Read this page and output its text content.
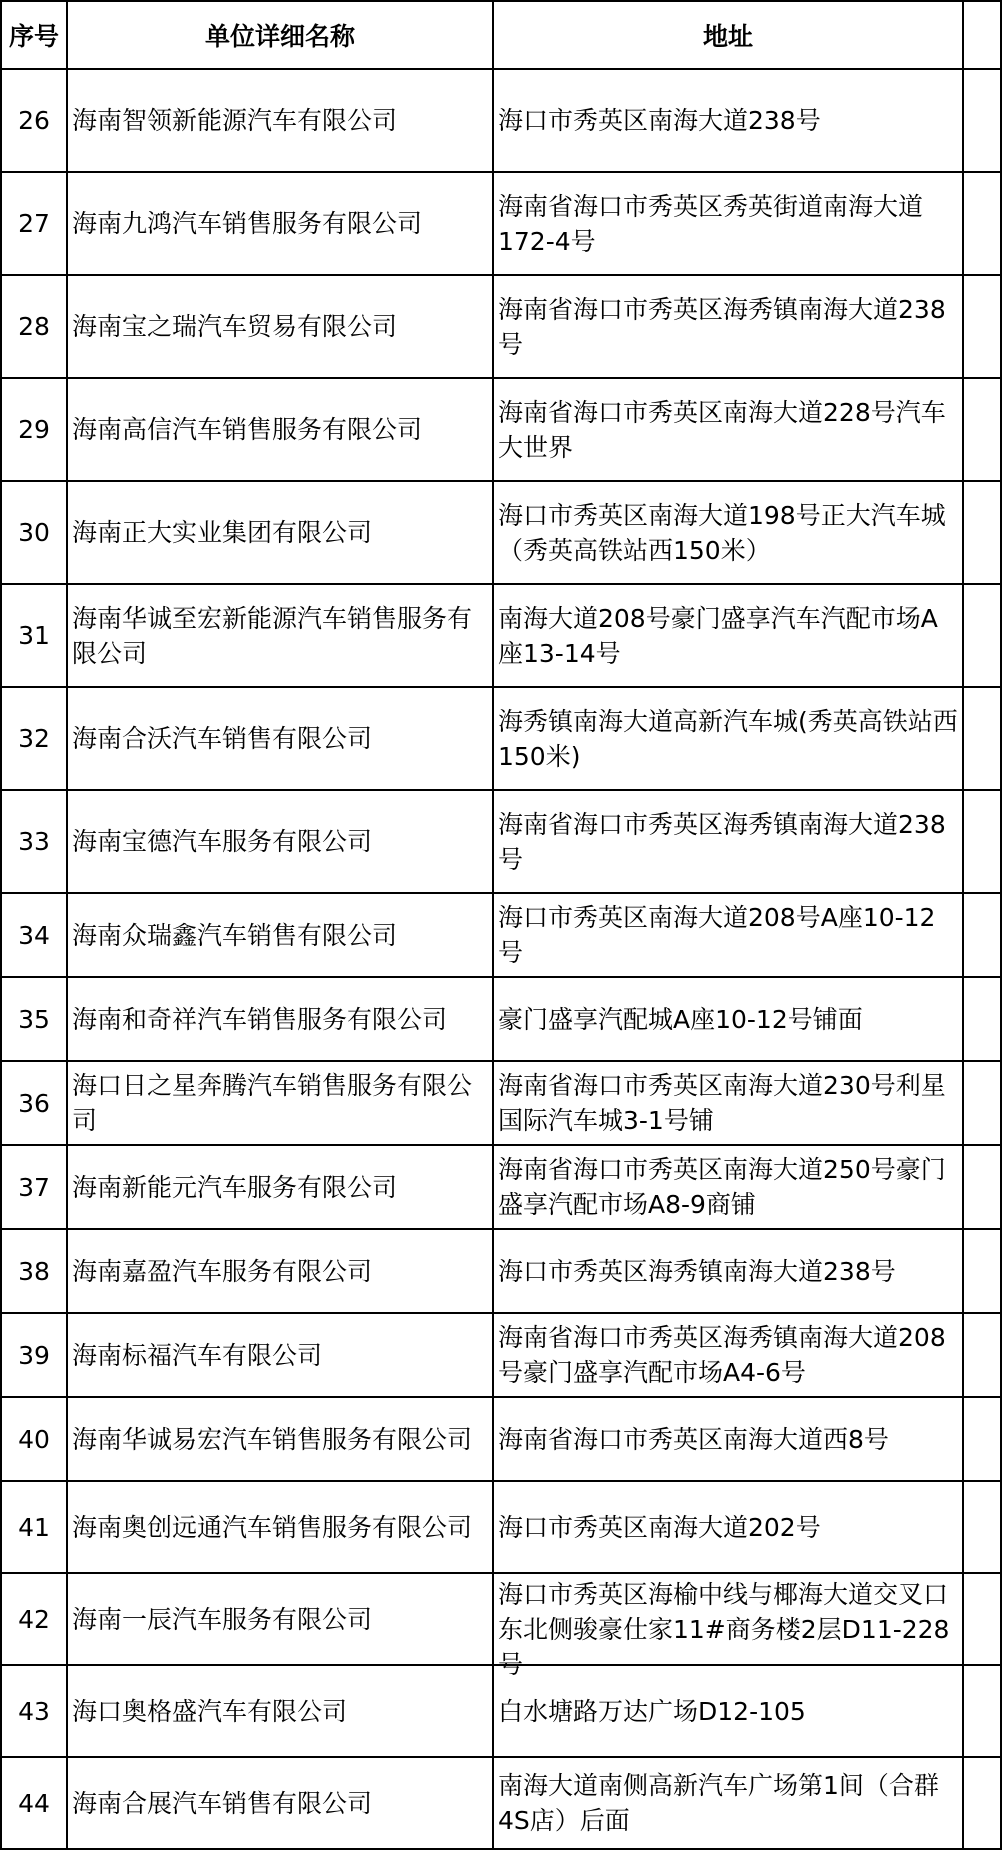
序号	单位详细名称	地址	
26	海南智领新能源汽车有限公司	海口市秀英区南海大道238号	
27	海南九鸿汽车销售服务有限公司	海南省海口市秀英区秀英街道南海大道172-4号	
28	海南宝之瑞汽车贸易有限公司	海南省海口市秀英区海秀镇南海大道238号	
29	海南高信汽车销售服务有限公司	海南省海口市秀英区南海大道228号汽车大世界	
30	海南正大实业集团有限公司	海口市秀英区南海大道198号正大汽车城（秀英高铁站西150米）	
31	海南华诚至宏新能源汽车销售服务有限公司	南海大道208号豪门盛享汽车汽配市场A座13-14号	
32	海南合沃汽车销售有限公司	海秀镇南海大道高新汽车城(秀英高铁站西150米)	
33	海南宝德汽车服务有限公司	海南省海口市秀英区海秀镇南海大道238号	
34	海南众瑞鑫汽车销售有限公司	海口市秀英区南海大道208号A座10-12号	
35	海南和奇祥汽车销售服务有限公司	豪门盛享汽配城A座10-12号铺面	
36	海口日之星奔腾汽车销售服务有限公司	海南省海口市秀英区南海大道230号利星国际汽车城3-1号铺	
37	海南新能元汽车服务有限公司	海南省海口市秀英区南海大道250号豪门盛享汽配市场A8-9商铺	
38	海南嘉盈汽车服务有限公司	海口市秀英区海秀镇南海大道238号	
39	海南标福汽车有限公司	海南省海口市秀英区海秀镇南海大道208号豪门盛享汽配市场A4-6号	
40	海南华诚易宏汽车销售服务有限公司	海南省海口市秀英区南海大道西8号	
41	海南奥创远通汽车销售服务有限公司	海口市秀英区南海大道202号	
42	海南一辰汽车服务有限公司	海口市秀英区海榆中线与椰海大道交叉口东北侧骏豪仕家11#商务楼2层D11-228号	

43	海口奥格盛汽车有限公司	白水塘路万达广场D12-105	
44	海南合展汽车销售有限公司	南海大道南侧高新汽车广场第1间（合群4S店）后面	
